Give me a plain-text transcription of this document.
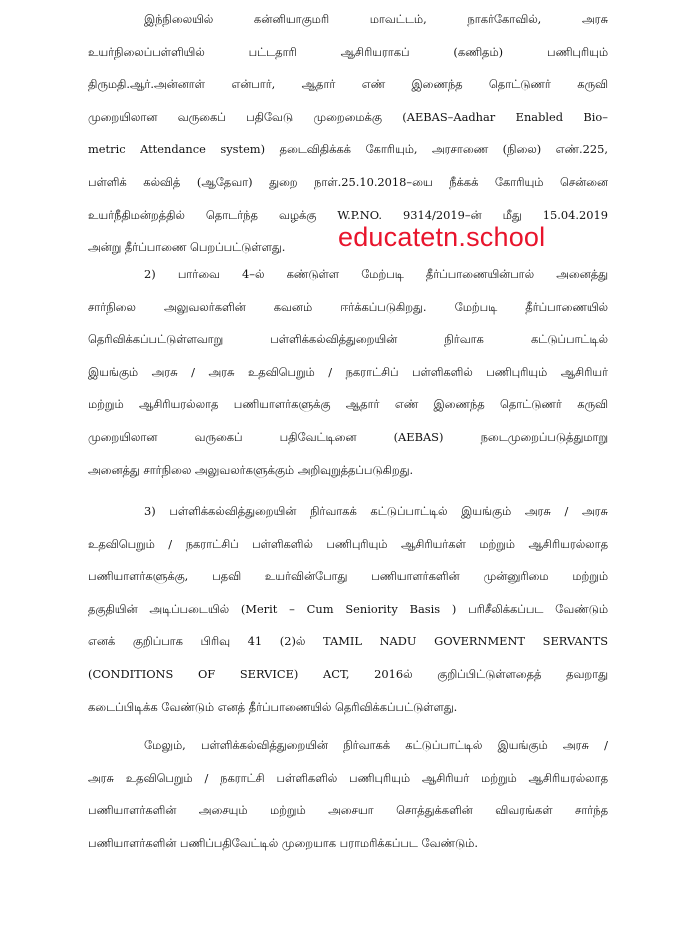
இந்நிலையில் கன்னியாகுமரி மாவட்டம், நாகர்கோவில், அரசு
உயர்நிலைப்பள்ளியில் பட்டதாரி ஆசிரியராகப் (கணிதம்) பணிபுரியும்
திருமதி.ஆர்.அன்னாள் என்பார், ஆதார் எண் இணைந்த தொட்டுணர் கருவி
முறையிலான வருகைப் பதிவேடு முறைமைக்கு (AEBAS–Aadhar Enabled Bio–
metric Attendance system) தடைவிதிக்கக் கோரியும், அரசாணை (நிலை) எண்.225,
பள்ளிக் கல்வித் (ஆதேவா) துறை நாள்.25.10.2018–யை நீக்கக் கோரியும் சென்னை
உயர்நீதிமன்றத்தில் தொடர்ந்த வழக்கு W.P.NO. 9314/2019–ன் மீது 15.04.2019
அன்று தீர்ப்பாணை பெறப்பட்டுள்ளது.
2) பார்வை 4–ல் கண்டுள்ள மேற்படி தீர்ப்பாணையின்பால் அனைத்து
சார்நிலை அலுவலர்களின் கவனம் ஈர்க்கப்படுகிறது. மேற்படி தீர்ப்பாணையில்
தெரிவிக்கப்பட்டுள்ளவாறு பள்ளிக்கல்வித்துறையின் நிர்வாக கட்டுப்பாட்டில்
இயங்கும் அரசு / அரசு உதவிபெறும் / நகராட்சிப் பள்ளிகளில் பணிபுரியும் ஆசிரியர்
மற்றும் ஆசிரியரல்லாத பணியாளர்களுக்கு ஆதார் எண் இணைந்த தொட்டுணர் கருவி
முறையிலான வருகைப் பதிவேட்டினை (AEBAS) நடைமுறைப்படுத்துமாறு
அனைத்து சார்நிலை அலுவலர்களுக்கும் அறிவுறுத்தப்படுகிறது.
3) பள்ளிக்கல்வித்துறையின் நிர்வாகக் கட்டுப்பாட்டில் இயங்கும் அரசு / அரசு
உதவிபெறும் / நகராட்சிப் பள்ளிகளில் பணிபுரியும் ஆசிரியர்கள் மற்றும் ஆசிரியரல்லாத
பணியாளர்களுக்கு, பதவி உயர்வின்போது பணியாளர்களின் முன்னுரிமை மற்றும்
தகுதியின் அடிப்படையில் (Merit – Cum Seniority Basis ) பரிசீலிக்கப்பட வேண்டும்
எனக் குறிப்பாக பிரிவு 41 (2)ல் TAMIL NADU GOVERNMENT SERVANTS
(CONDITIONS OF SERVICE) ACT, 2016ல் குறிப்பிட்டுள்ளதைத் தவறாது
கடைப்பிடிக்க வேண்டும் எனத் தீர்ப்பாணையில் தெரிவிக்கப்பட்டுள்ளது.
மேலும், பள்ளிக்கல்வித்துறையின் நிர்வாகக் கட்டுப்பாட்டில் இயங்கும் அரசு /
அரசு உதவிபெறும் / நகராட்சி பள்ளிகளில் பணிபுரியும் ஆசிரியர் மற்றும் ஆசிரியரல்லாத
பணியாளர்களின் அசையும் மற்றும் அசையா சொத்துக்களின் விவரங்கள் சார்ந்த
பணியாளர்களின் பணிப்பதிவேட்டில் முறையாக பராமரிக்கப்பட வேண்டும்.
educatetn.school
